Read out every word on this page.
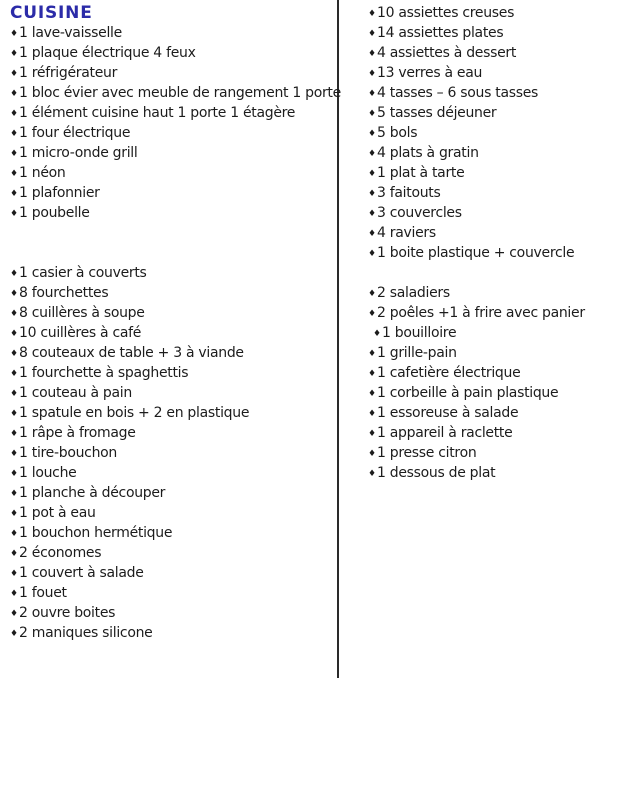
CUISINE
♦1 lave-vaisselle
♦1 plaque électrique 4 feux
♦1 réfrigérateur
♦1 bloc évier avec meuble de rangement 1 porte
♦1 élément cuisine haut 1 porte 1 étagère
♦1 four électrique
♦1 micro-onde grill
♦1 néon
♦1 plafonnier
♦1 poubelle
♦1 casier à couverts
♦8 fourchettes
♦8 cuillères à soupe
♦10 cuillères à café
♦8 couteaux de table + 3 à viande
♦1 fourchette à spaghettis
♦1 couteau à pain
♦1 spatule en bois + 2 en plastique
♦1 râpe à fromage
♦1 tire-bouchon
♦1 louche
♦1 planche à découper
♦1 pot à eau
♦1 bouchon hermétique
♦2 économes
♦1 couvert à salade
♦1 fouet
♦2 ouvre boites
♦2 maniques silicone
♦10 assiettes creuses
♦14 assiettes plates
♦4 assiettes à dessert
♦13 verres à eau
♦4 tasses – 6 sous tasses
♦5 tasses déjeuner
♦5 bols
♦4 plats à gratin
♦1 plat à tarte
♦3 faitouts
♦3 couvercles
♦4 raviers
♦1 boite plastique + couvercle
♦2 saladiers
♦2 poêles +1 à frire avec panier
♦1 bouilloire
♦1 grille-pain
♦1 cafetière électrique
♦1 corbeille à pain plastique
♦1 essoreuse à salade
♦1 appareil à raclette
♦1 presse citron
♦1 dessous de plat
